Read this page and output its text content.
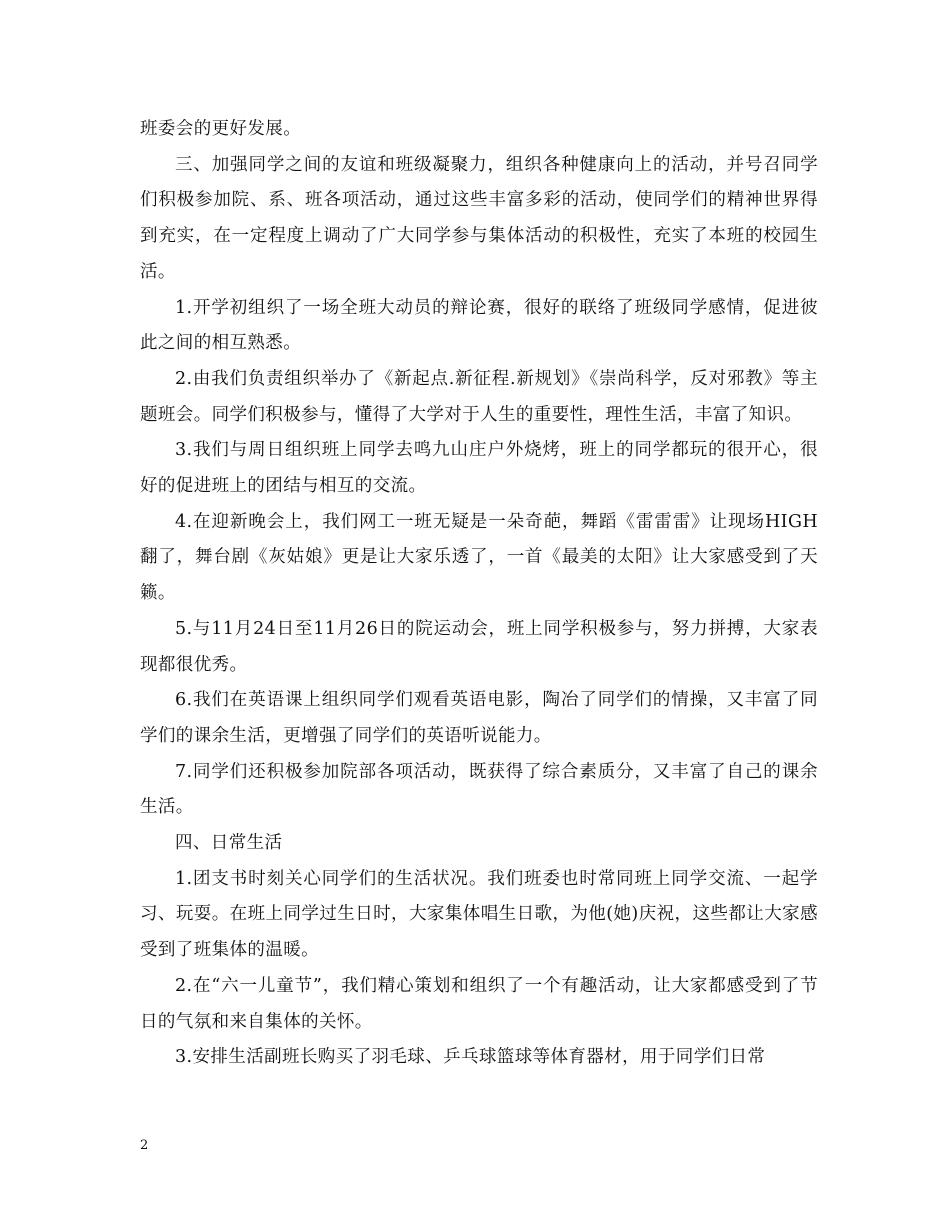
班委会的更好发展。

三、加强同学之间的友谊和班级凝聚力，组织各种健康向上的活动，并号召同学们积极参加院、系、班各项活动，通过这些丰富多彩的活动，使同学们的精神世界得到充实，在一定程度上调动了广大同学参与集体活动的积极性，充实了本班的校园生活。

1.开学初组织了一场全班大动员的辩论赛，很好的联络了班级同学感情，促进彼此之间的相互熟悉。

2.由我们负责组织举办了《新起点.新征程.新规划》《崇尚科学，反对邪教》等主题班会。同学们积极参与，懂得了大学对于人生的重要性，理性生活，丰富了知识。

3.我们与周日组织班上同学去鸣九山庄户外烧烤，班上的同学都玩的很开心，很好的促进班上的团结与相互的交流。

4.在迎新晚会上，我们网工一班无疑是一朵奇葩，舞蹈《雷雷雷》让现场HIGH翻了，舞台剧《灰姑娘》更是让大家乐透了，一首《最美的太阳》让大家感受到了天籁。

5.与11月24日至11月26日的院运动会，班上同学积极参与，努力拼搏，大家表现都很优秀。

6.我们在英语课上组织同学们观看英语电影，陶冶了同学们的情操，又丰富了同学们的课余生活，更增强了同学们的英语听说能力。

7.同学们还积极参加院部各项活动，既获得了综合素质分，又丰富了自己的课余生活。

四、日常生活

1.团支书时刻关心同学们的生活状况。我们班委也时常同班上同学交流、一起学习、玩耍。在班上同学过生日时，大家集体唱生日歌，为他(她)庆祝，这些都让大家感受到了班集体的温暖。

2.在“六一儿童节”，我们精心策划和组织了一个有趣活动，让大家都感受到了节日的气氛和来自集体的关怀。

3.安排生活副班长购买了羽毛球、乒乓球篮球等体育器材，用于同学们日常

2
